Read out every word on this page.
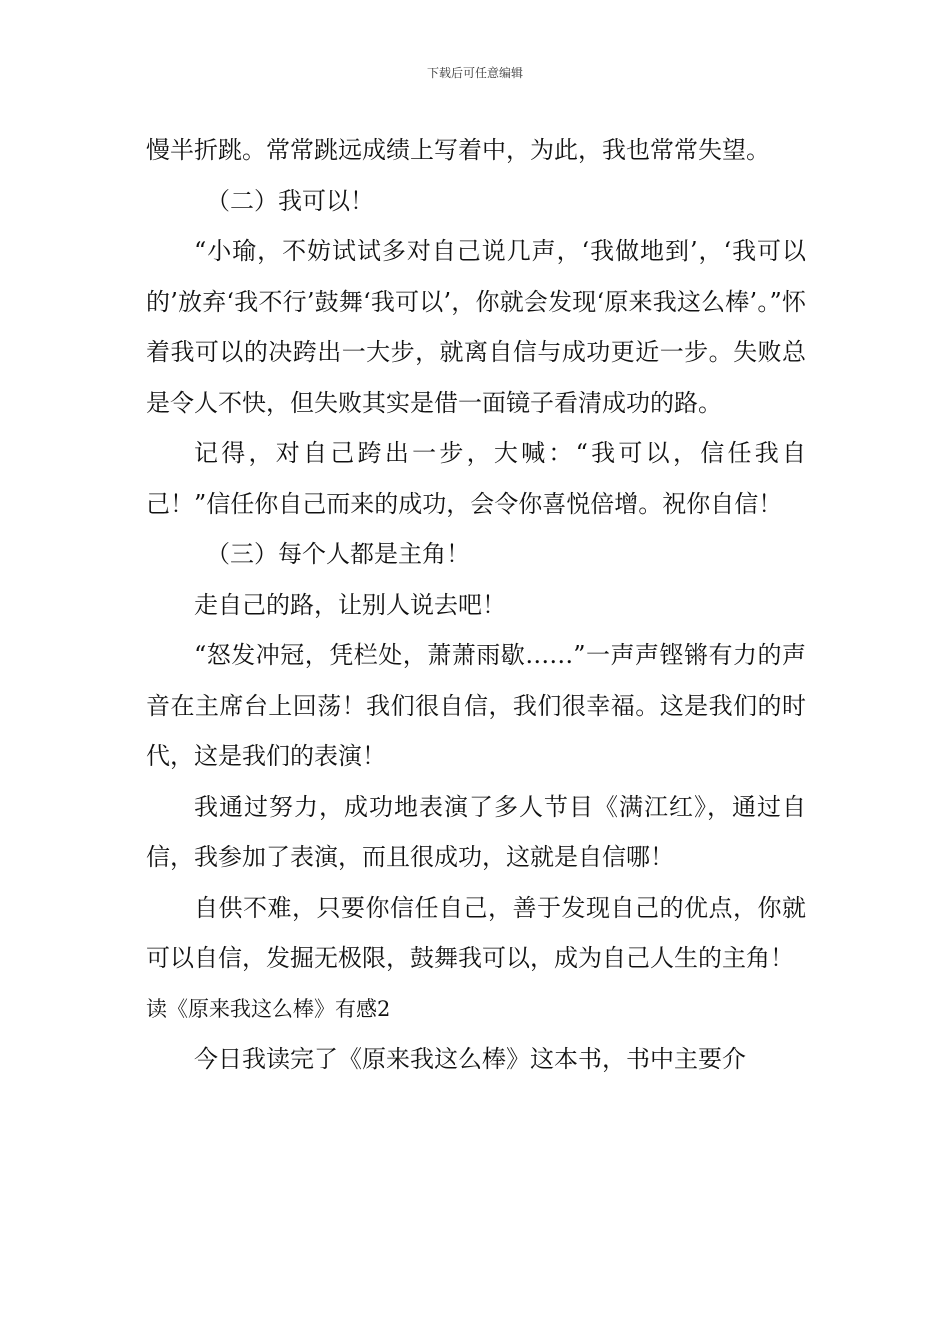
下载后可任意编辑

慢半折跳。常常跳远成绩上写着中，为此，我也常常失望。

（二）我可以！

“小瑜，不妨试试多对自己说几声，‘我做地到’，‘我可以的’放弃‘我不行’鼓舞‘我可以’，你就会发现‘原来我这么棒’。”怀着我可以的决跨出一大步，就离自信与成功更近一步。失败总是令人不快，但失败其实是借一面镜子看清成功的路。

记得，对自己跨出一步，大喊：“我可以，信任我自己！”信任你自己而来的成功，会令你喜悦倍增。祝你自信！

（三）每个人都是主角！

走自己的路，让别人说去吧！

“怒发冲冠，凭栏处，萧萧雨歇……”一声声铿锵有力的声音在主席台上回荡！我们很自信，我们很幸福。这是我们的时代，这是我们的表演！

我通过努力，成功地表演了多人节目《满江红》，通过自信，我参加了表演，而且很成功，这就是自信哪！

自供不难，只要你信任自己，善于发现自己的优点，你就可以自信，发掘无极限，鼓舞我可以，成为自己人生的主角！

读《原来我这么棒》有感2

今日我读完了《原来我这么棒》这本书，书中主要介
